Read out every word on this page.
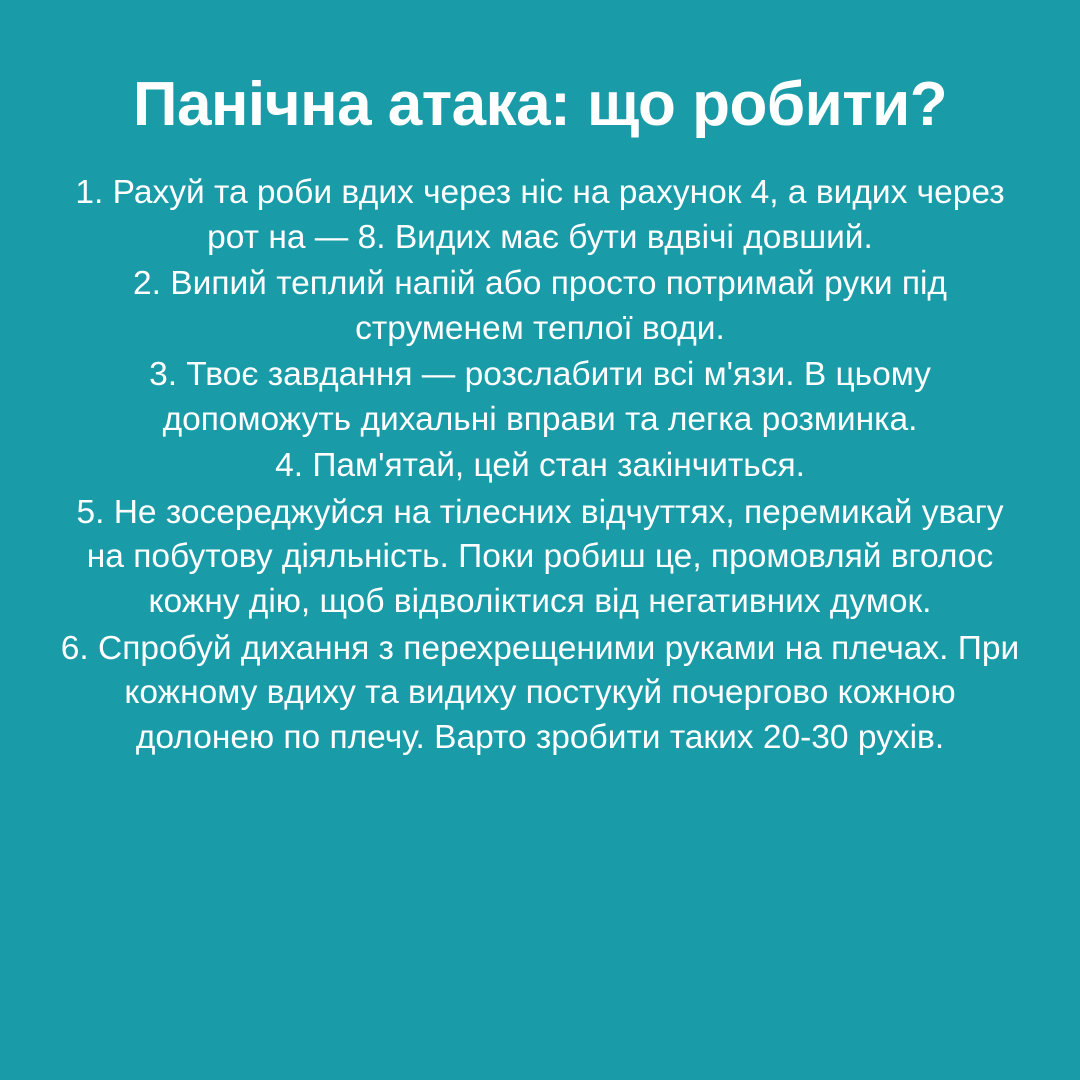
Панічна атака: що робити?
1. Рахуй та роби вдих через ніс на рахунок 4, а видих через рот на — 8. Видих має бути вдвічі довший.
2. Випий теплий напій або просто потримай руки під струменем теплої води.
3. Твоє завдання — розслабити всі м'язи. В цьому допоможуть дихальні вправи та легка розминка.
4. Пам'ятай, цей стан закінчиться.
5. Не зосереджуйся на тілесних відчуттях, перемикай увагу на побутову діяльність. Поки робиш це, промовляй вголос кожну дію, щоб відволіктися від негативних думок.
6. Спробуй дихання з перехрещеними руками на плечах. При кожному вдиху та видиху постукуй почергово кожною долонею по плечу. Варто зробити таких 20-30 рухів.
